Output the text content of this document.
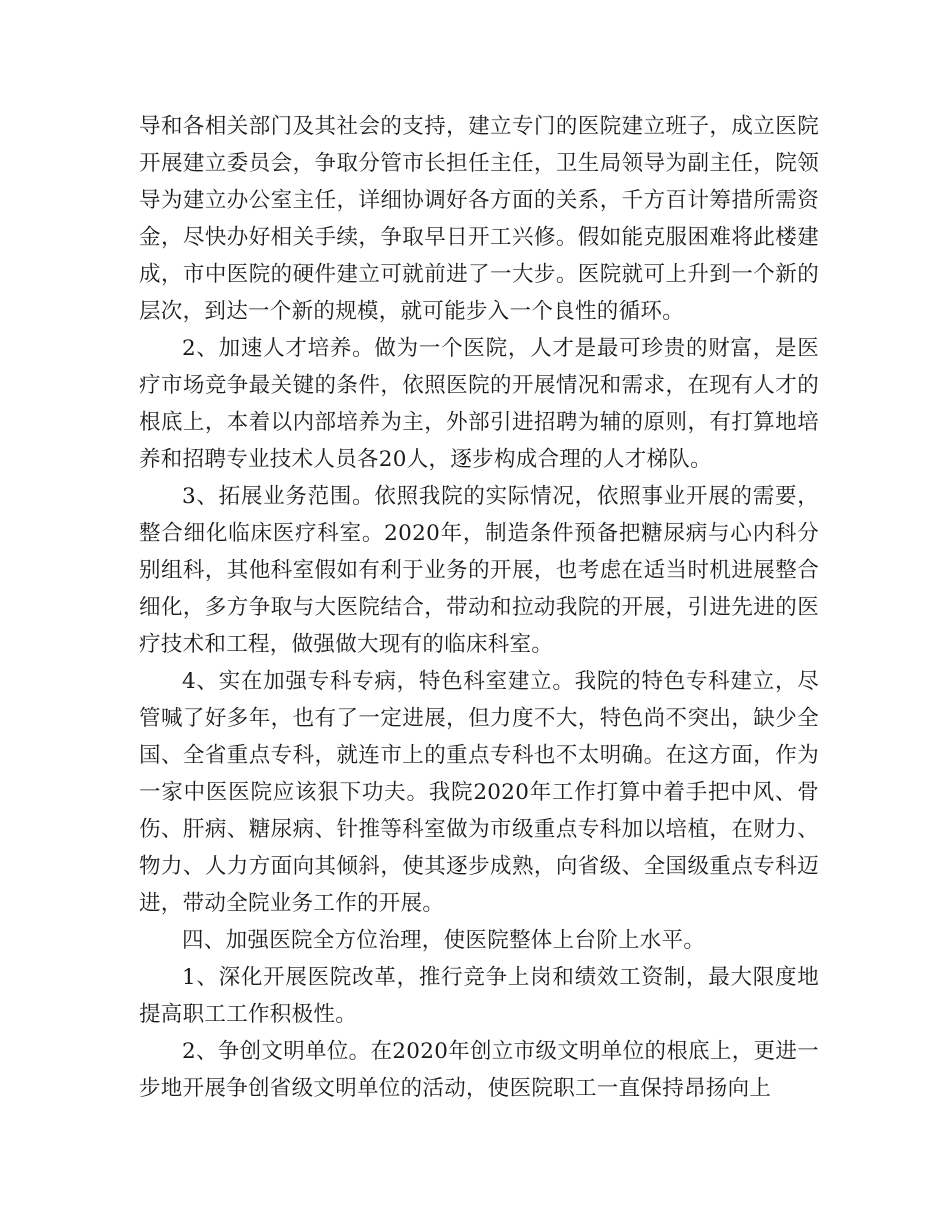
导和各相关部门及其社会的支持，建立专门的医院建立班子，成立医院开展建立委员会，争取分管市长担任主任，卫生局领导为副主任，院领导为建立办公室主任，详细协调好各方面的关系，千方百计筹措所需资金，尽快办好相关手续，争取早日开工兴修。假如能克服困难将此楼建成，市中医院的硬件建立可就前进了一大步。医院就可上升到一个新的层次，到达一个新的规模，就可能步入一个良性的循环。

2、加速人才培养。做为一个医院，人才是最可珍贵的财富，是医疗市场竞争最关键的条件，依照医院的开展情况和需求，在现有人才的根底上，本着以内部培养为主，外部引进招聘为辅的原则，有打算地培养和招聘专业技术人员各20人，逐步构成合理的人才梯队。

3、拓展业务范围。依照我院的实际情况，依照事业开展的需要，整合细化临床医疗科室。2020年，制造条件预备把糖尿病与心内科分别组科，其他科室假如有利于业务的开展，也考虑在适当时机进展整合细化，多方争取与大医院结合，带动和拉动我院的开展，引进先进的医疗技术和工程，做强做大现有的临床科室。

4、实在加强专科专病，特色科室建立。我院的特色专科建立，尽管喊了好多年，也有了一定进展，但力度不大，特色尚不突出，缺少全国、全省重点专科，就连市上的重点专科也不太明确。在这方面，作为一家中医医院应该狠下功夫。我院2020年工作打算中着手把中风、骨伤、肝病、糖尿病、针推等科室做为市级重点专科加以培植，在财力、物力、人力方面向其倾斜，使其逐步成熟，向省级、全国级重点专科迈进，带动全院业务工作的开展。

四、加强医院全方位治理，使医院整体上台阶上水平。

1、深化开展医院改革，推行竞争上岗和绩效工资制，最大限度地提高职工工作积极性。

2、争创文明单位。在2020年创立市级文明单位的根底上，更进一步地开展争创省级文明单位的活动，使医院职工一直保持昂扬向上
